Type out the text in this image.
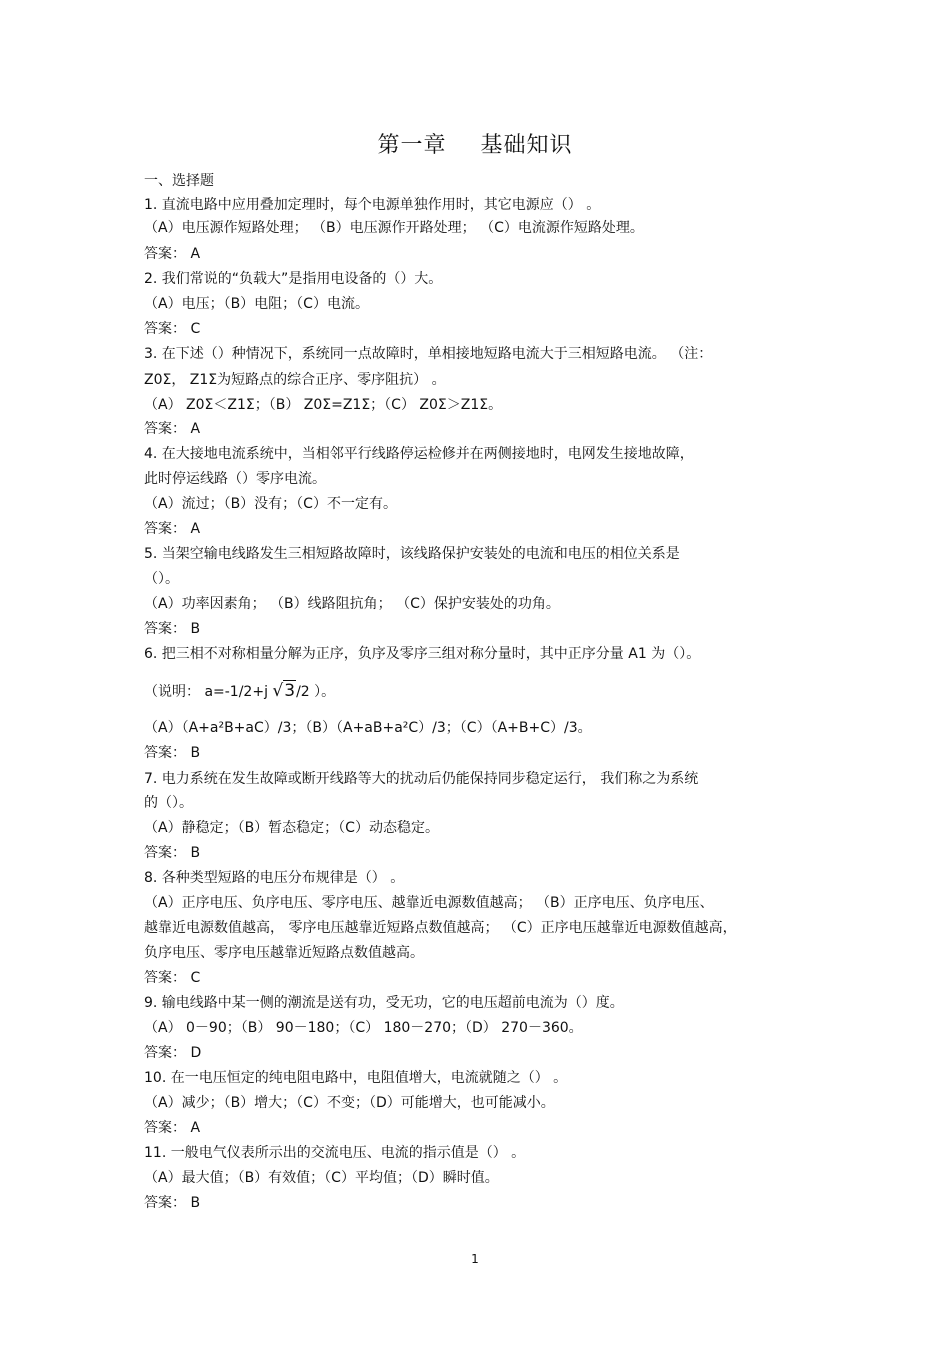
第一章 基础知识
一、选择题
1. 直流电路中应用叠加定理时，每个电源单独作用时，其它电源应（） 。
（A）电压源作短路处理； （B）电压源作开路处理； （C）电流源作短路处理。
答案： A
2. 我们常说的“负载大”是指用电设备的（）大。
（A）电压；（B）电阻；（C）电流。
答案： C
3. 在下述（）种情况下，系统同一点故障时，单相接地短路电流大于三相短路电流。 （注：
Z0Σ， Z1Σ为短路点的综合正序、零序阻抗） 。
（A） Z0Σ＜Z1Σ；（B） Z0Σ=Z1Σ；（C） Z0Σ＞Z1Σ。
答案： A
4. 在大接地电流系统中，当相邻平行线路停运检修并在两侧接地时，电网发生接地故障，
此时停运线路（）零序电流。
（A）流过；（B）没有；（C）不一定有。
答案： A
5. 当架空输电线路发生三相短路故障时，该线路保护安装处的电流和电压的相位关系是
（）。
（A）功率因素角； （B）线路阻抗角； （C）保护安装处的功角。
答案： B
6. 把三相不对称相量分解为正序，负序及零序三组对称分量时，其中正序分量 A1 为（）。
（A）（A+a²B+aC）/3；（B）（A+aB+a²C）/3；（C）（A+B+C）/3。
答案： B
7. 电力系统在发生故障或断开线路等大的扰动后仍能保持同步稳定运行， 我们称之为系统
的（）。
（A）静稳定；（B）暂态稳定；（C）动态稳定。
答案： B
8. 各种类型短路的电压分布规律是（） 。
（A）正序电压、负序电压、零序电压、越靠近电源数值越高； （B）正序电压、负序电压、
越靠近电源数值越高， 零序电压越靠近短路点数值越高； （C）正序电压越靠近电源数值越高，
负序电压、零序电压越靠近短路点数值越高。
答案： C
9. 输电线路中某一侧的潮流是送有功，受无功，它的电压超前电流为（）度。
（A） 0－90；（B） 90－180；（C） 180－270；（D） 270－360。
答案： D
10. 在一电压恒定的纯电阻电路中，电阻值增大，电流就随之（） 。
（A）减少；（B）增大；（C）不变；（D）可能增大，也可能减小。
答案： A
11. 一般电气仪表所示出的交流电压、电流的指示值是（） 。
（A）最大值；（B）有效值；（C）平均值；（D）瞬时值。
答案： B
（说明： a=-1/2+j √3/2 ）。
1
